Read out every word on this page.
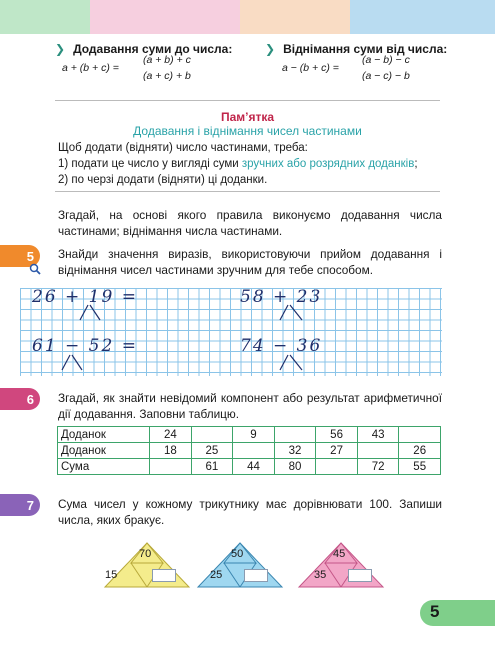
❯ Додавання суми до числа:
a + (b + c) =
(a + b) + c
(a + c) + b
❯ Віднімання суми від числа:
a − (b + c) =
(a − b) − c
(a − c) − b
Пам’ятка
Додавання і віднімання чисел частинами
Щоб додати (відняти) число частинами, треба:
1) подати це число у вигляді суми зручних або розрядних доданків;
2) по черзі додати (відняти) ці доданки.
Згадай, на основі якого правила виконуємо додавання числа частинами; віднімання числа частинами.
5 Знайди значення виразів, використовуючи прийом додавання і віднімання чисел частинами зручним для тебе способом.
26 + 19 =	58 + 23
61 − 52 =	74 − 36
6 Згадай, як знайти невідомий компонент або результат арифметичної дії додавання. Заповни таблицю.
Доданок	24		9		56	43	
Доданок	18	25		32	27		26
Сума		61	44	80		72	55
7 Сума чисел у кожному трикутнику має дорівнювати 100. Запиши числа, яких бракує.
70
15
50
25
45
35
5
